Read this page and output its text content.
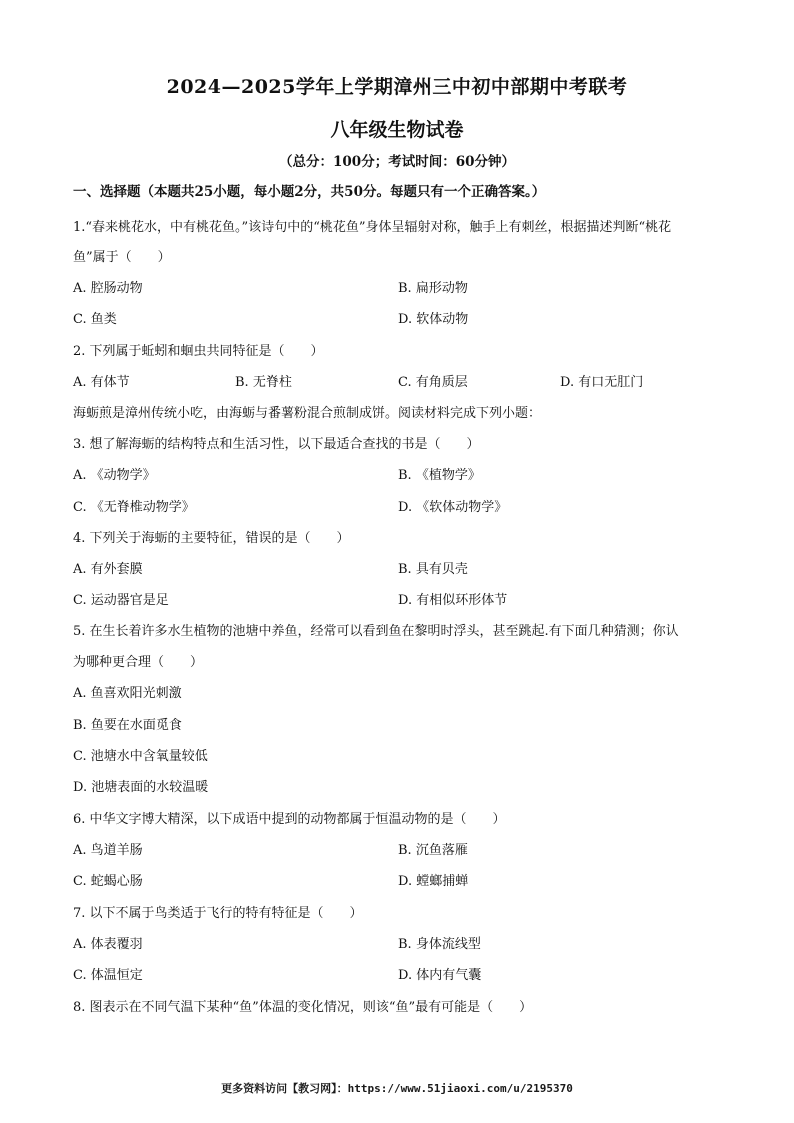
2024—2025学年上学期漳州三中初中部期中考联考
八年级生物试卷
（总分：100分；考试时间：60分钟）
一、选择题（本题共25小题，每小题2分，共50分。每题只有一个正确答案。）
1.“春来桃花水，中有桃花鱼。”该诗句中的“桃花鱼”身体呈辐射对称，触手上有刺丝，根据描述判断“桃花
鱼”属于（　　）
A. 腔肠动物	B. 扁形动物
C. 鱼类	D. 软体动物
2. 下列属于蚯蚓和蛔虫共同特征是（　　）
A. 有体节	B. 无脊柱	C. 有角质层	D. 有口无肛门
海蛎煎是漳州传统小吃，由海蛎与番薯粉混合煎制成饼。阅读材料完成下列小题：
3. 想了解海蛎的结构特点和生活习性，以下最适合查找的书是（　　）
A. 《动物学》	B. 《植物学》
C. 《无脊椎动物学》	D. 《软体动物学》
4. 下列关于海蛎的主要特征，错误的是（　　）
A. 有外套膜	B. 具有贝壳
C. 运动器官是足	D. 有相似环形体节
5. 在生长着许多水生植物的池塘中养鱼，经常可以看到鱼在黎明时浮头，甚至跳起.有下面几种猜测；你认
为哪种更合理（　　）
A. 鱼喜欢阳光刺激
B. 鱼要在水面觅食
C. 池塘水中含氧量较低
D. 池塘表面的水较温暖
6. 中华文字博大精深，以下成语中提到的动物都属于恒温动物的是（　　）
A. 鸟道羊肠	B. 沉鱼落雁
C. 蛇蝎心肠	D. 螳螂捕蝉
7. 以下不属于鸟类适于飞行的特有特征是（　　）
A. 体表覆羽	B. 身体流线型
C. 体温恒定	D. 体内有气囊
8. 图表示在不同气温下某种“鱼”体温的变化情况，则该“鱼”最有可能是（　　）
更多资料访问【教习网】：https://www.51jiaoxi.com/u/2195370
